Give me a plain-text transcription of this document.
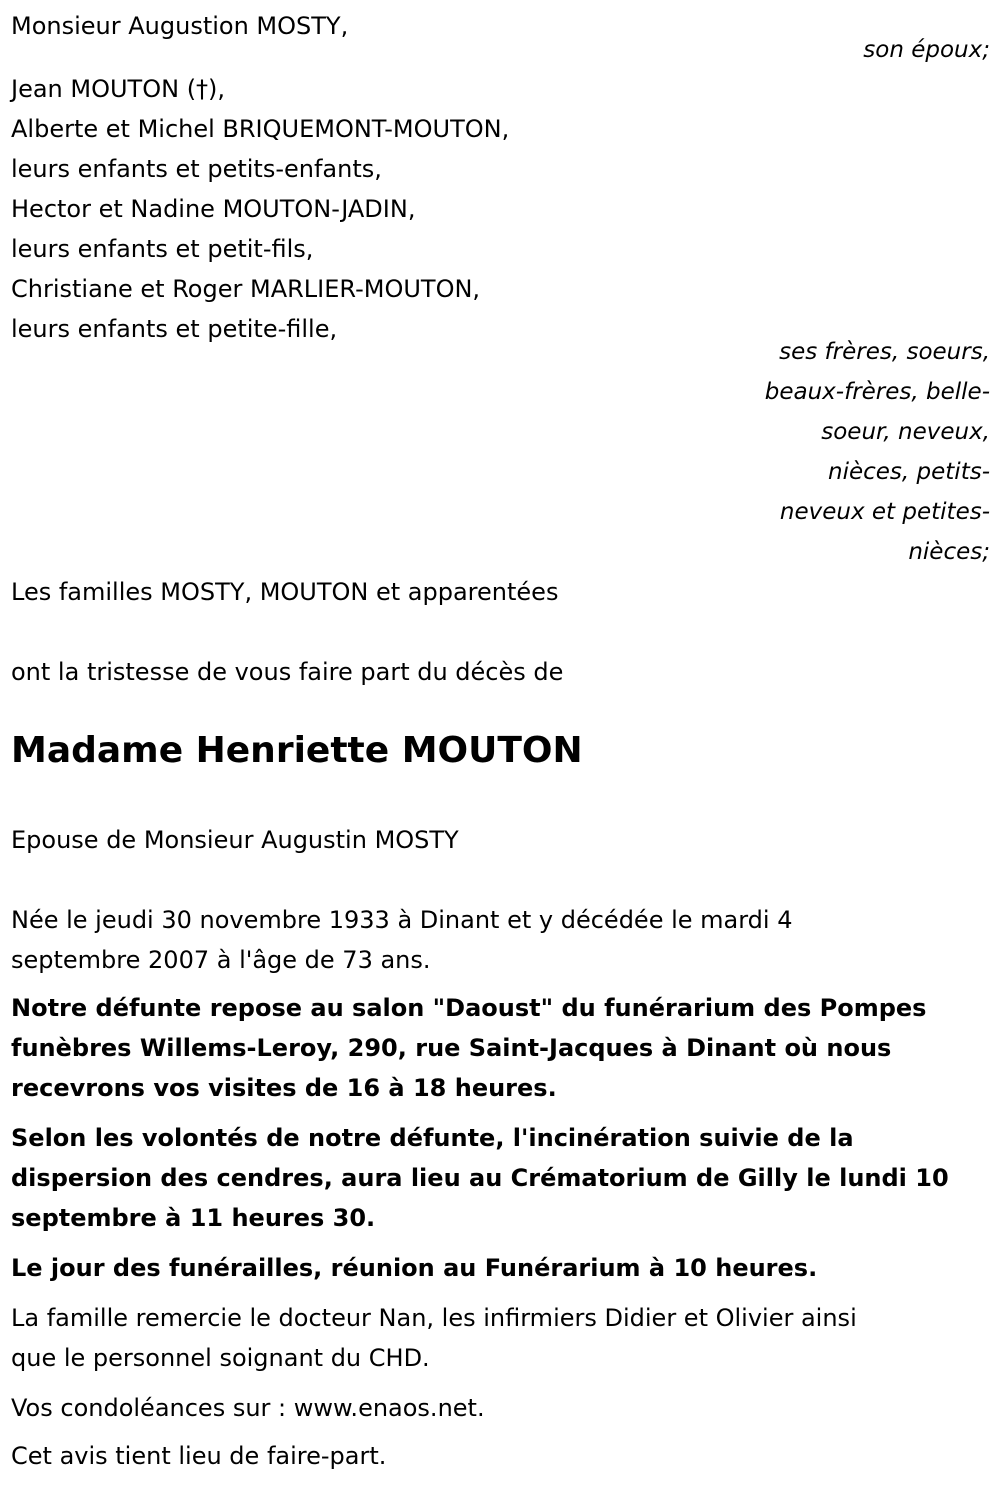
Monsieur Augustion MOSTY,
son époux;
Jean MOUTON (†),
Alberte et Michel BRIQUEMONT-MOUTON,
leurs enfants et petits-enfants,
Hector et Nadine MOUTON-JADIN,
leurs enfants et petit-fils,
Christiane et Roger MARLIER-MOUTON,
leurs enfants et petite-fille,
ses frères, soeurs,
beaux-frères, belle-
soeur, neveux,
nièces, petits-
neveux et petites-
nièces;
Les familles MOSTY, MOUTON et apparentées
ont la tristesse de vous faire part du décès de
Madame Henriette MOUTON
Epouse de Monsieur Augustin MOSTY
Née le jeudi 30 novembre 1933 à Dinant et y décédée le mardi 4
septembre 2007 à l'âge de 73 ans.
Notre défunte repose au salon "Daoust" du funérarium des Pompes
funèbres Willems-Leroy, 290, rue Saint-Jacques à Dinant où nous
recevrons vos visites de 16 à 18 heures.
Selon les volontés de notre défunte, l'incinération suivie de la
dispersion des cendres, aura lieu au Crématorium de Gilly le lundi 10
septembre à 11 heures 30.
Le jour des funérailles, réunion au Funérarium à 10 heures.
La famille remercie le docteur Nan, les infirmiers Didier et Olivier ainsi
que le personnel soignant du CHD.
Vos condoléances sur : www.enaos.net.
Cet avis tient lieu de faire-part.
